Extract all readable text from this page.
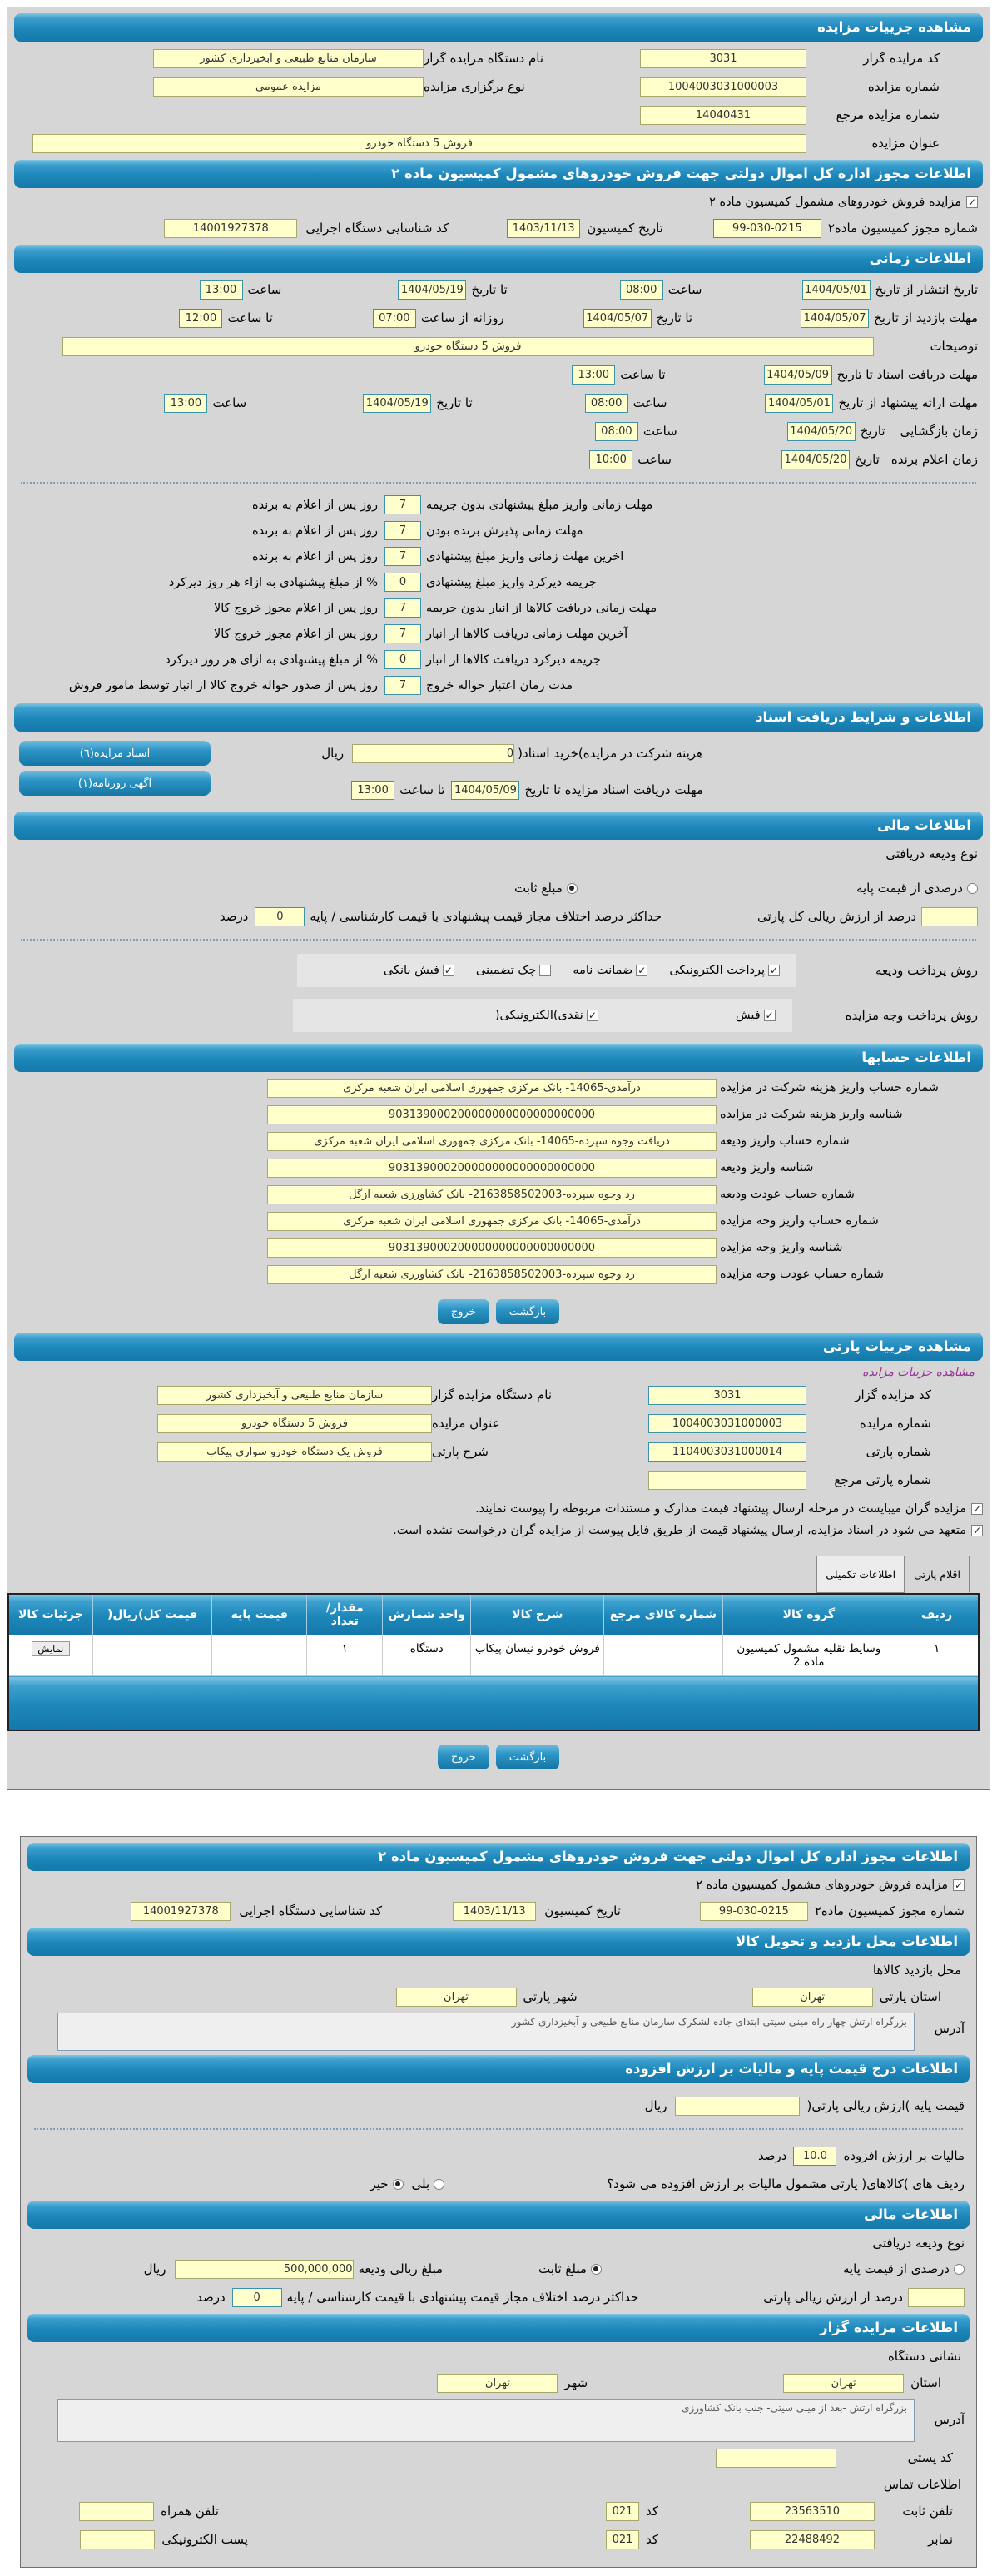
مشاهده جزییات مزایده
کد مزایده گزار
3031
نام دستگاه مزایده گزار
سازمان منابع طبیعی و آبخیزداری کشور
شماره مزایده
1004003031000003
نوع برگزاری مزایده
مزایده عمومی
شماره مزایده مرجع
14040431
عنوان مزایده
فروش 5 دستگاه خودرو
اطلاعات مجوز اداره کل اموال دولتی جهت فروش خودروهای مشمول کمیسیون ماده ۲
✓
مزایده فروش خودروهای مشمول کمیسیون ماده ۲
شماره مجوز کمیسیون ماده۲
99-030-0215
تاریخ کمیسیون
1403/11/13
کد شناسایی دستگاه اجرایی
14001927378
اطلاعات زمانی
تاریخ انتشار از تاریخ
1404/05/01
ساعت
08:00
تا تاریخ
1404/05/19
ساعت
13:00
مهلت بازدید از تاریخ
1404/05/07
تا تاریخ
1404/05/07
روزانه از ساعت
07:00
تا ساعت
12:00
توضیحات
فروش 5 دستگاه خودرو
مهلت دریافت اسناد تا تاریخ
1404/05/09
تا ساعت
13:00
مهلت ارائه پیشنهاد از تاریخ
1404/05/01
ساعت
08:00
تا تاریخ
1404/05/19
ساعت
13:00
زمان بازگشایی
تاریخ
1404/05/20
ساعت
08:00
زمان اعلام برنده
تاریخ
1404/05/20
ساعت
10:00
مهلت زمانی واریز مبلغ پیشنهادی بدون جریمه
7
روز پس از اعلام به برنده
مهلت زمانی پذیرش برنده بودن
7
روز پس از اعلام به برنده
اخرین مهلت زمانی واریز مبلغ پیشنهادی
7
روز پس از اعلام به برنده
جریمه دیرکرد واریز مبلغ پیشنهادی
0
% از مبلغ پیشنهادی به ازاء هر روز دیرکرد
مهلت زمانی دریافت کالاها از انبار بدون جریمه
7
روز پس از اعلام مجوز خروج کالا
آخرین مهلت زمانی دریافت کالاها از انبار
7
روز پس از اعلام مجوز خروج کالا
جریمه دیرکرد دریافت کالاها از انبار
0
% از مبلغ پیشنهادی به ازای هر روز دیرکرد
مدت زمان اعتبار حواله خروج
7
روز پس از صدور حواله خروج کالا از انبار توسط مامور فروش
اطلاعات و شرایط دریافت اسناد
هزینه شرکت در مزایده)خرید اسناد(
0
ریال
مهلت دریافت اسناد مزایده تا تاریخ
1404/05/09
تا ساعت
13:00
اسناد مزایده(٦)
آگهی روزنامه(١)
اطلاعات مالی
نوع ودیعه دریافتی
درصدی از قیمت پایه
مبلغ ثابت
درصد از ارزش ریالی کل پارتی
حداکثر درصد اختلاف مجاز قیمت پیشنهادی با قیمت کارشناسی / پایه
0
درصد
روش پرداخت ودیعه
✓
پرداخت الکترونیکی
✓
ضمانت نامه
چک تضمینی
✓
فیش بانکی
روش پرداخت وجه مزایده
✓
فیش
✓
نقدی)الکترونیکی(
اطلاعات حسابها
شماره حساب واریز هزینه شرکت در مزایده
درآمدی-14065- بانک مرکزی جمهوری اسلامی ایران شعبه مرکزی
شناسه واریز هزینه شرکت در مزایده
903139000200000000000000000000
شماره حساب واریز ودیعه
دریافت وجوه سپرده-14065- بانک مرکزی جمهوری اسلامی ایران شعبه مرکزی
شناسه واریز ودیعه
903139000200000000000000000000
شماره حساب عودت ودیعه
رد وجوه سپرده-2163858502003- بانک کشاورزی شعبه ازگل
شماره حساب واریز وجه مزایده
درآمدی-14065- بانک مرکزی جمهوری اسلامی ایران شعبه مرکزی
شناسه واریز وجه مزایده
903139000200000000000000000000
شماره حساب عودت وجه مزایده
رد وجوه سپرده-2163858502003- بانک کشاورزی شعبه ازگل
بازگشت
خروج
مشاهده جزییات پارتی
مشاهده جزییات مزایده
کد مزایده گزار
3031
نام دستگاه مزایده گزار
سازمان منابع طبیعی و آبخیزداری کشور
شماره مزایده
1004003031000003
عنوان مزایده
فروش 5 دستگاه خودرو
شماره پارتی
1104003031000014
شرح پارتی
فروش یک دستگاه خودرو سواری پیکاب
شماره پارتی مرجع
✓
مزایده گران میبایست در مرحله ارسال پیشنهاد قیمت مدارک و مستندات مربوطه را پیوست نمایند.
✓
متعهد می شود در اسناد مزایده، ارسال پیشنهاد قیمت از طریق فایل پیوست از مزایده گران درخواست نشده است.
اقلام پارتی
اطلاعات تکمیلی
ردیف	گروه کالا	شماره کالای مرجع	شرح کالا	واحد شمارش	مقدار/ تعداد	قیمت پایه	قیمت کل)ریال(	جزئیات کالا
۱	وسایط نقلیه مشمول کمیسیون ماده 2		فروش خودرو نیسان پیکاب	دستگاه	۱			نمایش

بازگشت
خروج
اطلاعات مجوز اداره کل اموال دولتی جهت فروش خودروهای مشمول کمیسیون ماده ۲
✓
مزایده فروش خودروهای مشمول کمیسیون ماده ۲
شماره مجوز کمیسیون ماده۲
99-030-0215
تاریخ کمیسیون
1403/11/13
کد شناسایی دستگاه اجرایی
14001927378
اطلاعات محل بازدید و تحویل کالا
محل بازدید کالاها
استان پارتی
تهران
شهر پارتی
تهران
آدرس
بزرگراه ارتش چهار راه مینی سیتی ابتدای جاده لشکرک سازمان منابع طبیعی و آبخیزداری کشور
اطلاعات درج قیمت پایه و مالیات بر ارزش افزوده
قیمت پایه )ارزش ریالی پارتی(
ریال
مالیات بر ارزش افزوده
10.0
درصد
ردیف های )کالاهای( پارتی مشمول مالیات بر ارزش افزوده می شود؟
بلی
خیر
اطلاعات مالی
نوع ودیعه دریافتی
درصدی از قیمت پایه
مبلغ ثابت
مبلغ ریالی ودیعه
500,000,000
ریال
درصد از ارزش ریالی پارتی
حداکثر درصد اختلاف مجاز قیمت پیشنهادی با قیمت کارشناسی / پایه
0
درصد
اطلاعات مزایده گزار
نشانی دستگاه
استان
تهران
شهر
تهران
آدرس
بزرگراه ارتش -بعد از مینی سیتی- جنب بانک کشاورزی
کد پستی
اطلاعات تماس
تلفن ثابت
23563510
کد
021
تلفن همراه
نمابر
22488492
کد
021
پست الکترونیکی
